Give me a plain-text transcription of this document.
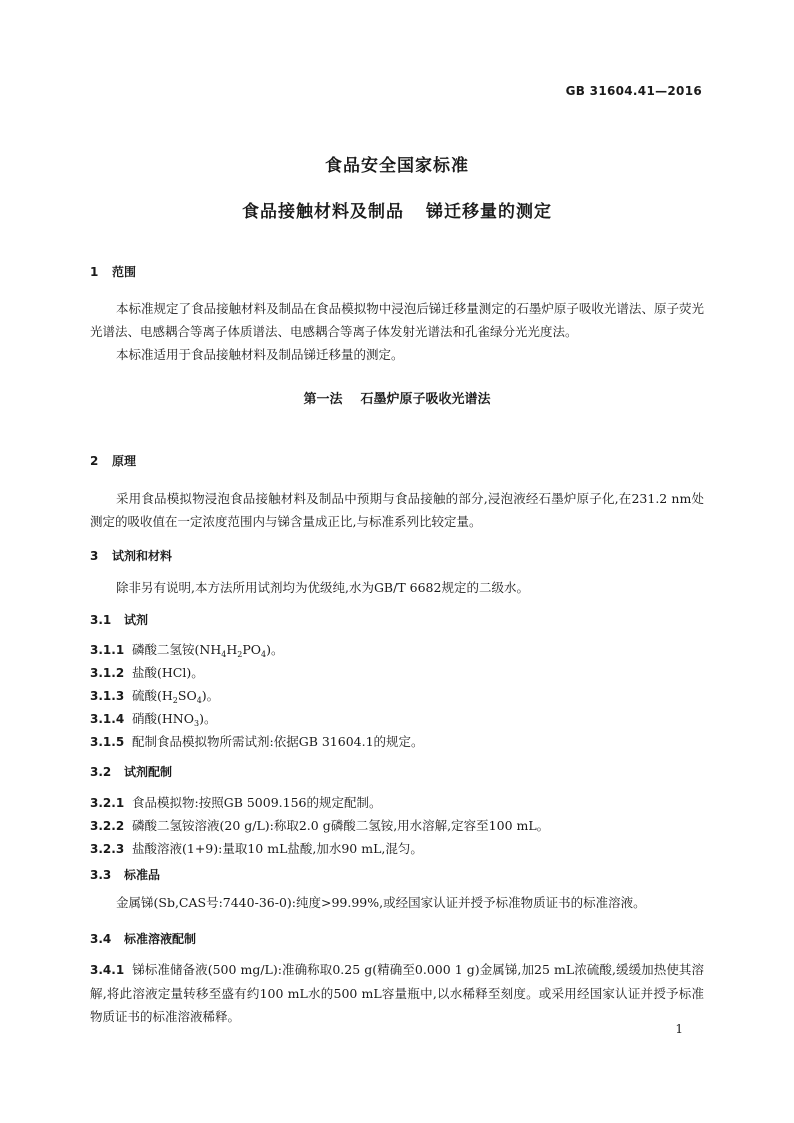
GB 31604.41—2016
食品安全国家标准
食品接触材料及制品 锑迁移量的测定
1 范围
本标准规定了食品接触材料及制品在食品模拟物中浸泡后锑迁移量测定的石墨炉原子吸收光谱法、原子荧光光谱法、电感耦合等离子体质谱法、电感耦合等离子体发射光谱法和孔雀绿分光光度法。
本标准适用于食品接触材料及制品锑迁移量的测定。
第一法 石墨炉原子吸收光谱法
2 原理
采用食品模拟物浸泡食品接触材料及制品中预期与食品接触的部分,浸泡液经石墨炉原子化,在231.2 nm处测定的吸收值在一定浓度范围内与锑含量成正比,与标准系列比较定量。
3 试剂和材料
除非另有说明,本方法所用试剂均为优级纯,水为GB/T 6682规定的二级水。
3.1 试剂
3.1.1 磷酸二氢铵$(NH_4H_2PO_4)$。
3.1.2 盐酸(HCl)。
3.1.3 硫酸$(H_2SO_4)$。
3.1.4 硝酸$(HNO_3)$。
3.1.5 配制食品模拟物所需试剂:依据GB 31604.1的规定。
3.2 试剂配制
3.2.1 食品模拟物:按照GB 5009.156的规定配制。
3.2.2 磷酸二氢铵溶液(20 g/L):称取2.0 g磷酸二氢铵,用水溶解,定容至100 mL。
3.2.3 盐酸溶液(1+9):量取10 mL盐酸,加水90 mL,混匀。
3.3 标准品
金属锑(Sb,CAS号:7440-36-0):纯度>99.99%,或经国家认证并授予标准物质证书的标准溶液。
3.4 标准溶液配制
3.4.1 锑标准储备液(500 mg/L):准确称取0.25 g(精确至0.000 1 g)金属锑,加25 mL浓硫酸,缓缓加热使其溶解,将此溶液定量转移至盛有约100 mL水的500 mL容量瓶中,以水稀释至刻度。或采用经国家认证并授予标准物质证书的标准溶液稀释。
1
